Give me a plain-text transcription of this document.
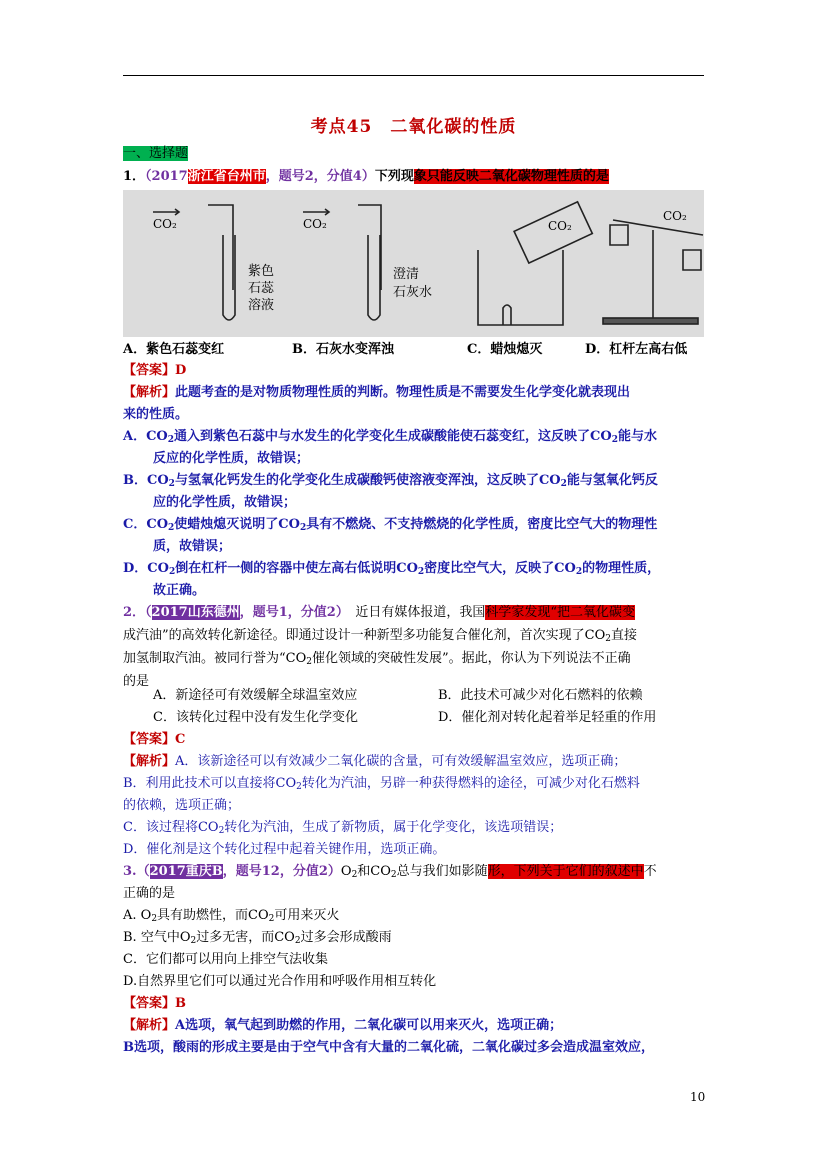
考点45　二氧化碳的性质
一、选择题
1．（2017浙江省台州市，题号2，分值4）下列现象只能反映二氧化碳物理性质的是
CO₂	CO₂	CO₂
CO₂
紫色
石蕊
溶液
澄清
石灰水
A．紫色石蕊变红	B．石灰水变浑浊	C．蜡烛熄灭	D．杠杆左高右低
【答案】D
【解析】此题考查的是对物质物理性质的判断。物理性质是不需要发生化学变化就表现出
来的性质。
A．$CO_2$通入到紫色石蕊中与水发生的化学变化生成碳酸能使石蕊变红，这反映了$CO_2$能与水
反应的化学性质，故错误；
B．$CO_2$与氢氧化钙发生的化学变化生成碳酸钙使溶液变浑浊，这反映了$CO_2$能与氢氧化钙反
应的化学性质，故错误；
C．$CO_2$使蜡烛熄灭说明了$CO_2$具有不燃烧、不支持燃烧的化学性质，密度比空气大的物理性
质，故错误；
D．$CO_2$倒在杠杆一侧的容器中使左高右低说明$CO_2$密度比空气大，反映了$CO_2$的物理性质，
故正确。
2．（2017山东德州，题号1，分值2）　 近日有媒体报道，我国科学家发现“把二氧化碳变
成汽油”的高效转化新途径。即通过设计一种新型多功能复合催化剂，首次实现了$CO_2$直接
加氢制取汽油。被同行誉为“$CO_2$催化领域的突破性发展”。据此，你认为下列说法不正确
的是
A．新途径可有效缓解全球温室效应	B．此技术可减少对化石燃料的依赖
C．该转化过程中没有发生化学变化	D．催化剂对转化起着举足轻重的作用
【答案】C
【解析】A．该新途径可以有效减少二氧化碳的含量，可有效缓解温室效应，选项正确；
B．利用此技术可以直接将$CO_2$转化为汽油，另辟一种获得燃料的途径，可减少对化石燃料
的依赖，选项正确；
C．该过程将$CO_2$转化为汽油，生成了新物质，属于化学变化，该选项错误；
D．催化剂是这个转化过程中起着关键作用，选项正确。
3.（2017重庆B，题号12，分值$2)O_2$和$CO_2$总与我们如影随形，下列关于它们的叙述中不
正确的是
A. $O_2$具有助燃性，而$CO_2$可用来灭火
B. 空气中$O_2$过多无害，而$CO_2$过多会形成酸雨
C．它们都可以用向上排空气法收集
D.自然界里它们可以通过光合作用和呼吸作用相互转化
【答案】B
【解析】A选项，氧气起到助燃的作用，二氧化碳可以用来灭火，选项正确；
B选项，酸雨的形成主要是由于空气中含有大量的二氧化硫，二氧化碳过多会造成温室效应，
10
